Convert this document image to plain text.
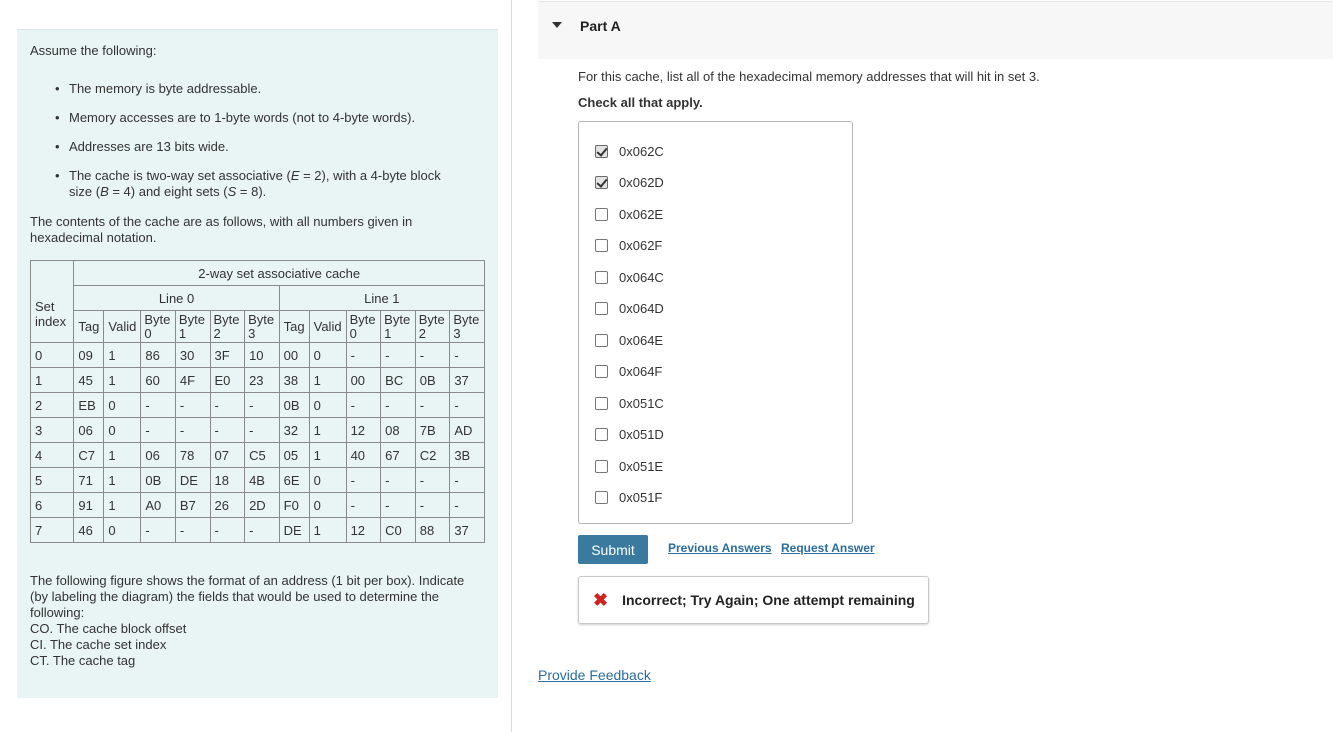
Assume the following:

• The memory is byte addressable.
• Memory accesses are to 1-byte words (not to 4-byte words).
• Addresses are 13 bits wide.
• The cache is two-way set associative (E = 2), with a 4-byte block size (B = 4) and eight sets (S = 8).

The contents of the cache are as follows, with all numbers given in hexadecimal notation.

	2-way set associative cache											
Set index	Line 0						Line 1					
	Tag	Valid	Byte 0	Byte 1	Byte 2	Byte 3	Tag	Valid	Byte 0	Byte 1	Byte 2	Byte 3
0	09	1	86	30	3F	10	00	0	-	-	-	-
1	45	1	60	4F	E0	23	38	1	00	BC	0B	37
2	EB	0	-	-	-	-	0B	0	-	-	-	-
3	06	0	-	-	-	-	32	1	12	08	7B	AD
4	C7	1	06	78	07	C5	05	1	40	67	C2	3B
5	71	1	0B	DE	18	4B	6E	0	-	-	-	-
6	91	1	A0	B7	26	2D	F0	0	-	-	-	-
7	46	0	-	-	-	-	DE	1	12	C0	88	37

The following figure shows the format of an address (1 bit per box). Indicate (by labeling the diagram) the fields that would be used to determine the following:

CO. The cache block offset

CI. The cache set index

CT. The cache tag

Part A

For this cache, list all of the hexadecimal memory addresses that will hit in set 3.

Check all that apply.

0x062C
0x062D
0x062E
0x062F
0x064C
0x064D
0x064E
0x064F
0x051C
0x051D
0x051E
0x051F
Submit	Previous Answers Request Answer
✖ Incorrect; Try Again; One attempt remaining
Provide Feedback
